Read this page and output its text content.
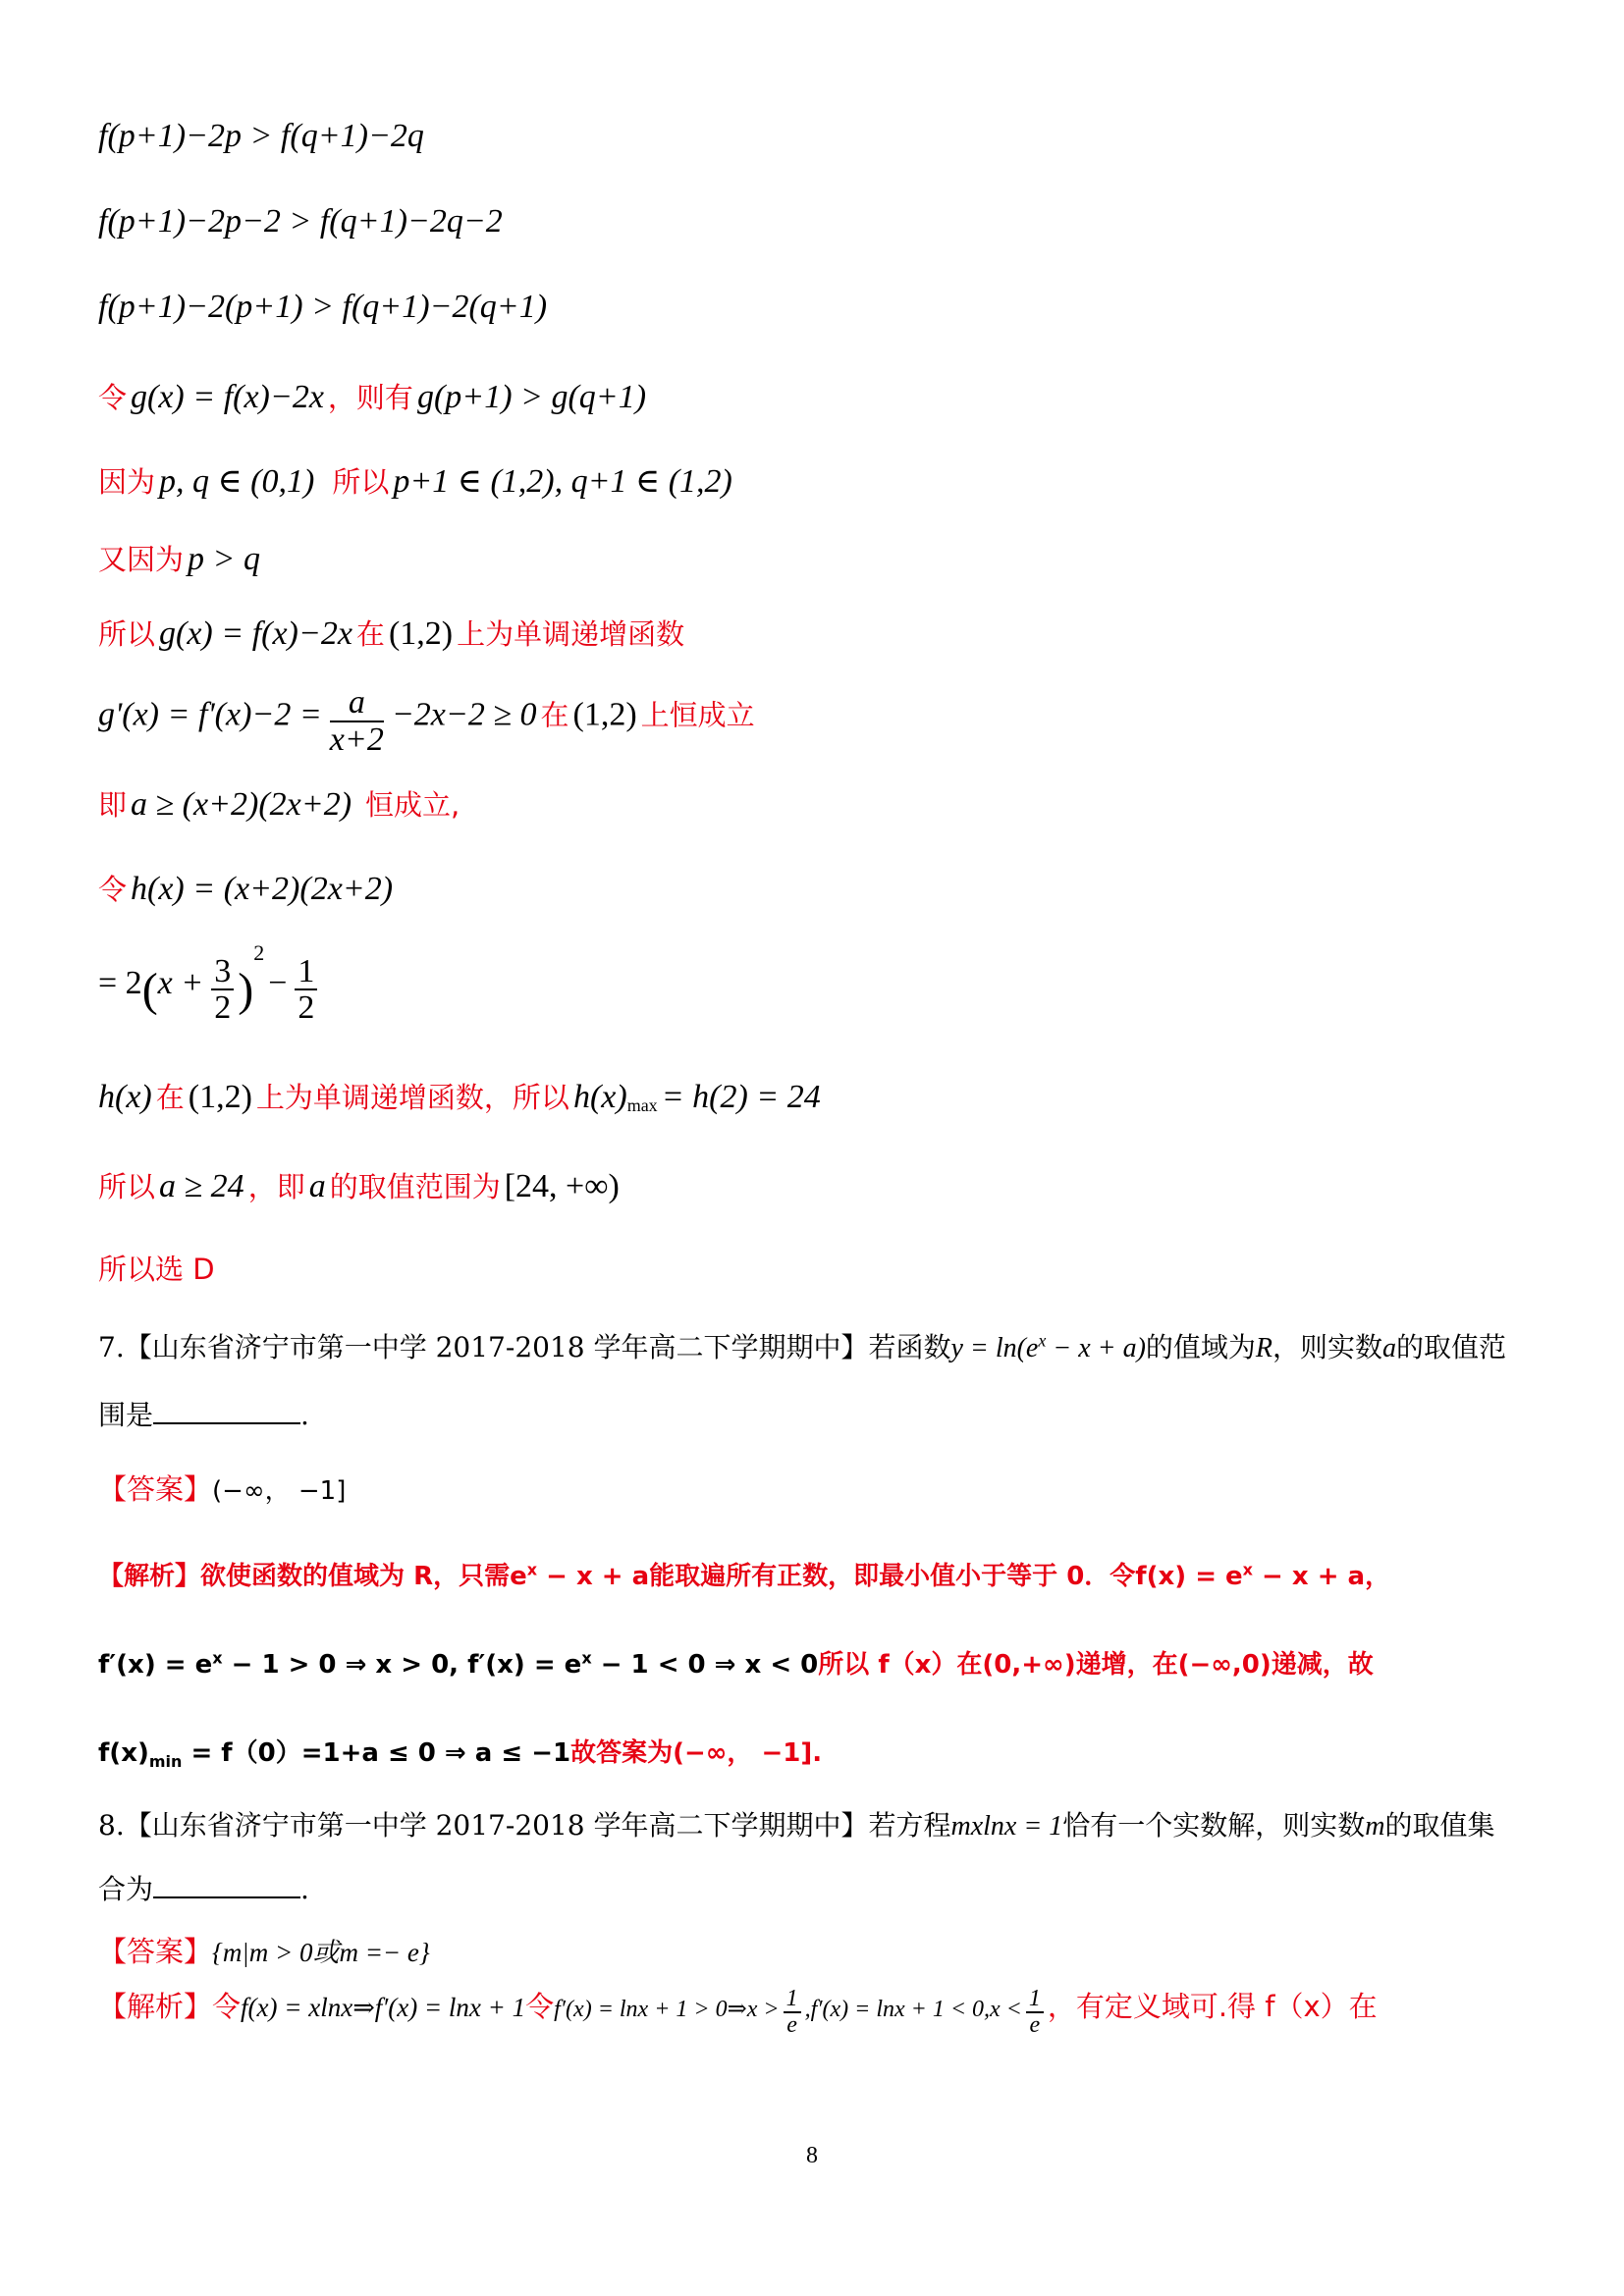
f(p+1)−2p > f(q+1)−2q
f(p+1)−2p−2 > f(q+1)−2q−2
f(p+1)−2(p+1) > f(q+1)−2(q+1)
令 g(x) = f(x)−2x ，则有 g(p+1) > g(q+1)
因为 p, q ∈ (0,1) 所以 p+1 ∈ (1,2), q+1 ∈ (1,2)
又因为 p > q
所以 g(x) = f(x)−2x 在 (1,2) 上为单调递增函数
$g'(x) = f'(x)-2 = \frac{a}{x+2} -2x-2 \ge 0$ 在 (1,2) 上恒成立
即 a ≥ (x+2)(2x+2) 恒成立,
令 h(x) = (x+2)(2x+2)
= $2(x + \frac{3}{2} )^2 - \frac{1}{2}$
h(x) 在 (1,2) 上为单调递增函数，所以 $h(x)_{max} = h(2) = 24$
所以 a ≥ 24 ，即 a 的取值范围为 [24, +∞)
所以选 D
7.【山东省济宁市第一中学 2017-2018 学年高二下学期期中】若函数$y = \ln(e^x - x + a)$的值域为R，则实数a的取值范
围是	.
【答案】(−∞， −1]
【解析】欲使函数的值域为 R，只需$e^x - x + a$能取遍所有正数，即最小值小于等于 0．令$f(x) = e^x - x + a$，
$f'(x) = e^x - 1 > 0$ ⇒ x > 0, $f'(x) = e^x - 1 < 0$ ⇒ x < 0所以 f（x）在(0,+∞)递增，在(−∞,0)递减，故
$f(x)_{min} = f(0)=1+a \le 0$ ⇒ a ≤ −1故答案为(−∞， −1].
8.【山东省济宁市第一中学 2017-2018 学年高二下学期期中】若方程mxlnx = 1恰有一个实数解，则实数m的取值集
合为	.
【答案】{m|m > 0或m =− e}
【解析】令f(x) = xlnx⇒f′(x) = lnx + 1令f′(x) = lnx + 1 > 0⇒x > $\frac{1}{e} ,f'(x) = \ln x + 1 < 0,x < \frac{1}{e}$ ，有定义域可.得 f（x）在
8
